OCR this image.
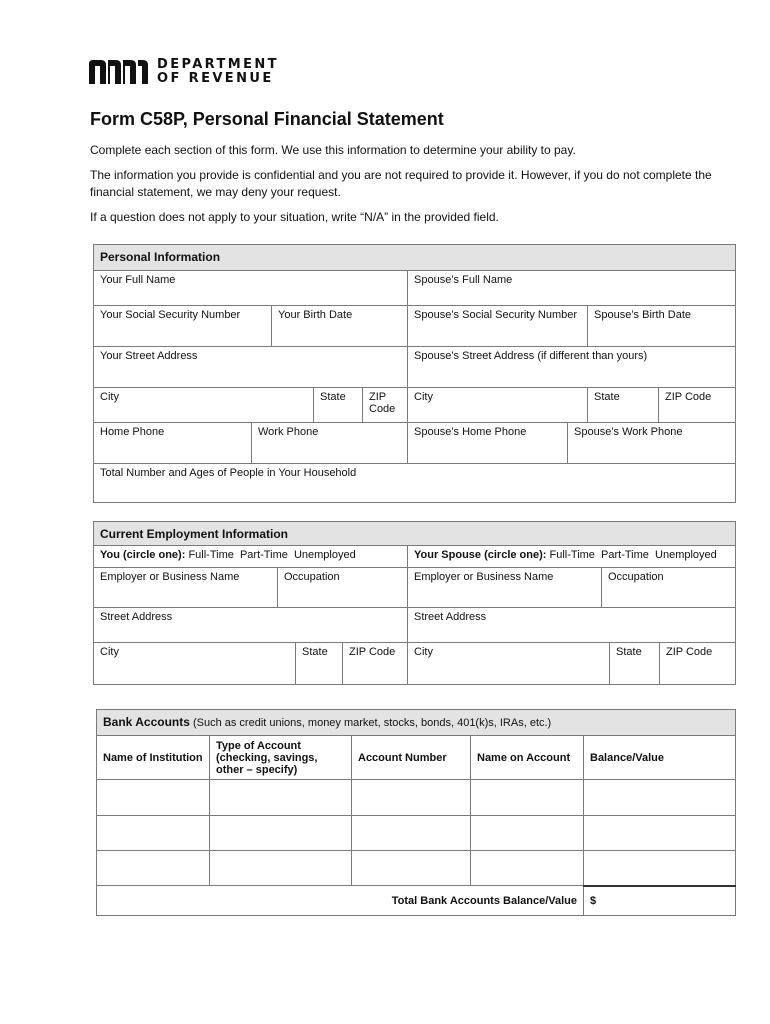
DEPARTMENT
OF REVENUE
Form C58P, Personal Financial Statement
Complete each section of this form. We use this information to determine your ability to pay.
The information you provide is confidential and you are not required to provide it. However, if you do not complete the financial statement, we may deny your request.
If a question does not apply to your situation, write “N/A” in the provided field.
Personal Information								
Your Full Name					Spouse’s Full Name			
Your Social Security Number		Your Birth Date			Spouse’s Social Security Number		Spouse’s Birth Date	
Your Street Address					Spouse’s Street Address (if different than yours)			
City			State	ZIP Code	City		State	ZIP Code
Home Phone	Work Phone				Spouse’s Home Phone	Spouse’s Work Phone		
Total Number and Ages of People in Your Household								
Current Employment Information							
You (circle one): Full-Time  Part-Time  Unemployed				Your Spouse (circle one): Full-Time  Part-Time  Unemployed			
Employer or Business Name	Occupation			Employer or Business Name	Occupation		
Street Address				Street Address			
City		State	ZIP Code	City		State	ZIP Code
Bank Accounts (Such as credit unions, money market, stocks, bonds, 401(k)s, IRAs, etc.)				
Name of Institution	Type of Account (checking, savings, other – specify)	Account Number	Name on Account	Balance/Value

Total Bank Accounts Balance/Value				$
